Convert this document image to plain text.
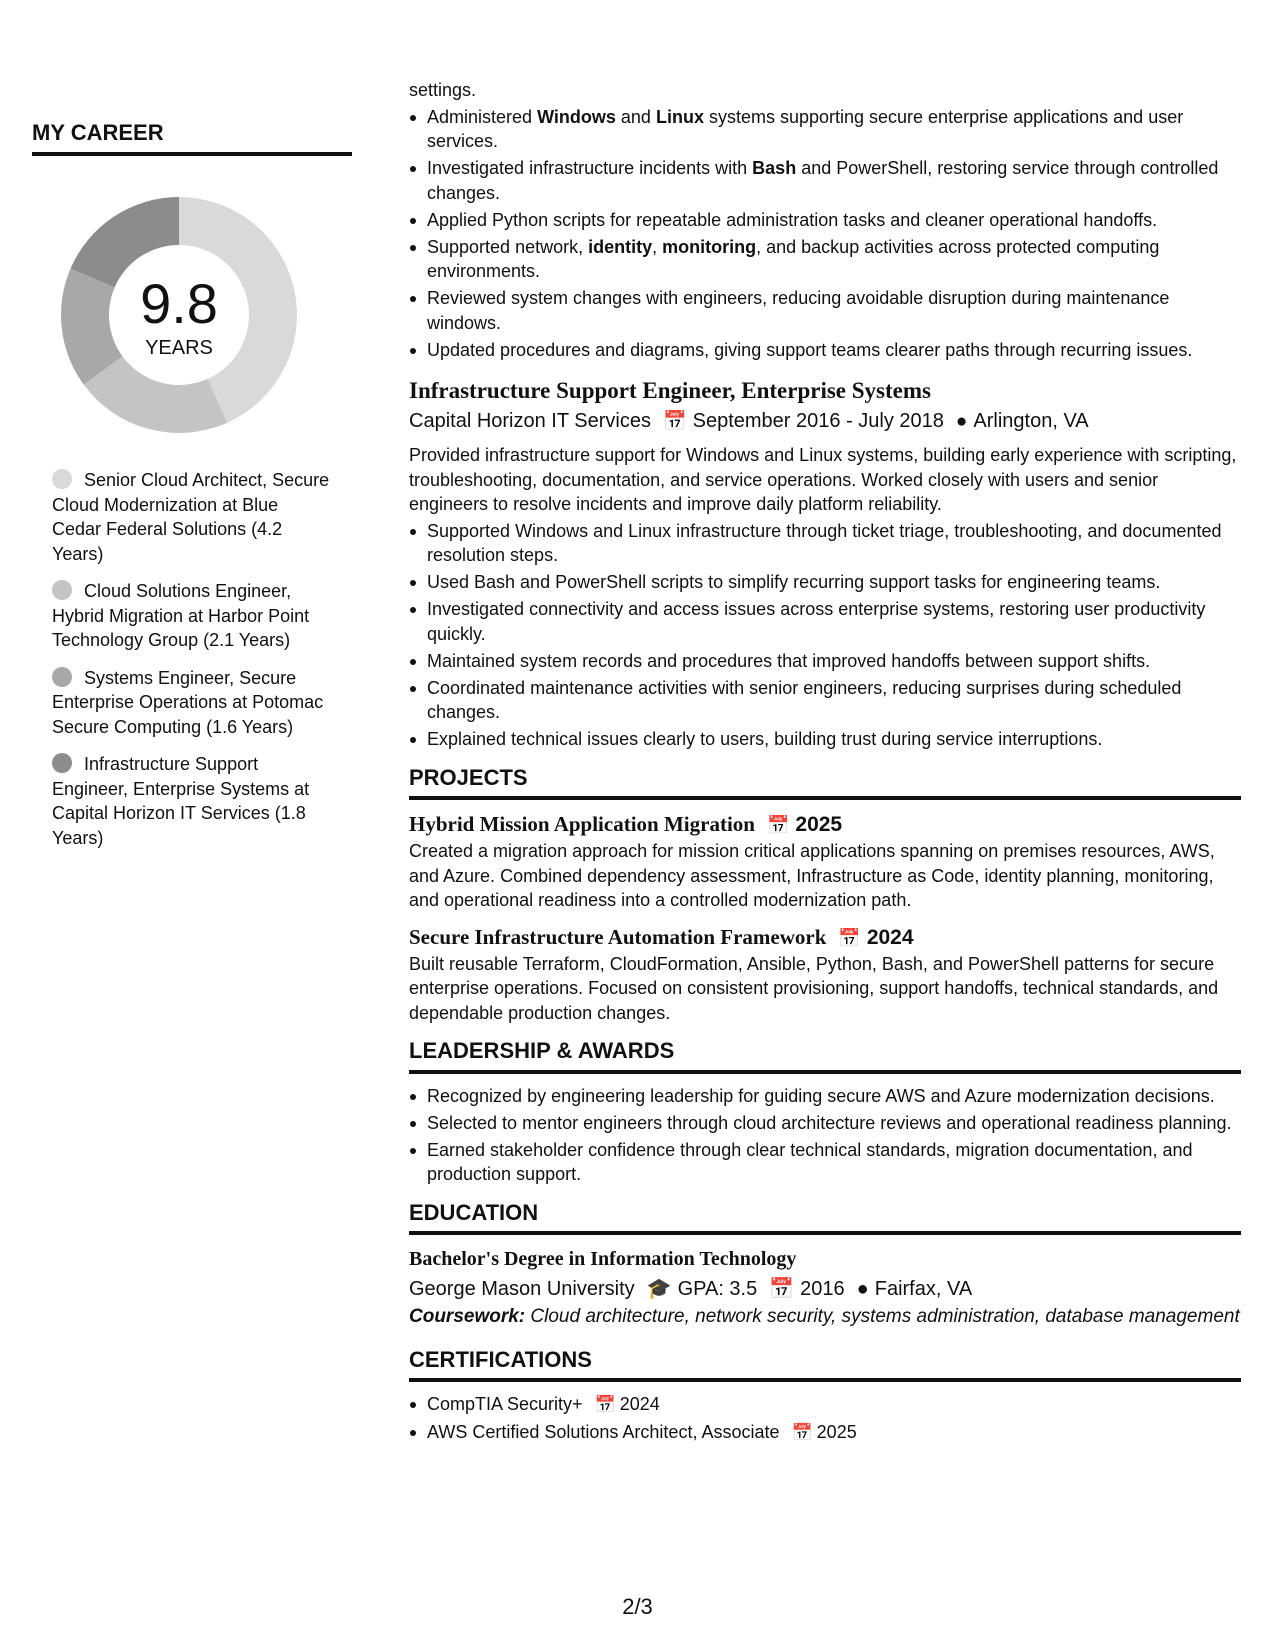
MY CAREER
9.8
YEARS
Senior Cloud Architect, Secure Cloud Modernization at Blue Cedar Federal Solutions (4.2 Years)
Cloud Solutions Engineer, Hybrid Migration at Harbor Point Technology Group (2.1 Years)
Systems Engineer, Secure Enterprise Operations at Potomac Secure Computing (1.6 Years)
Infrastructure Support Engineer, Enterprise Systems at Capital Horizon IT Services (1.8 Years)
settings.
Administered Windows and Linux systems supporting secure enterprise applications and user services.
Investigated infrastructure incidents with Bash and PowerShell, restoring service through controlled changes.
Applied Python scripts for repeatable administration tasks and cleaner operational handoffs.
Supported network, identity, monitoring, and backup activities across protected computing environments.
Reviewed system changes with engineers, reducing avoidable disruption during maintenance windows.
Updated procedures and diagrams, giving support teams clearer paths through recurring issues.
Infrastructure Support Engineer, Enterprise Systems
Capital Horizon IT Services 📅 September 2016 - July 2018 ● Arlington, VA
Provided infrastructure support for Windows and Linux systems, building early experience with scripting, troubleshooting, documentation, and service operations. Worked closely with users and senior engineers to resolve incidents and improve daily platform reliability.
Supported Windows and Linux infrastructure through ticket triage, troubleshooting, and documented resolution steps.
Used Bash and PowerShell scripts to simplify recurring support tasks for engineering teams.
Investigated connectivity and access issues across enterprise systems, restoring user productivity quickly.
Maintained system records and procedures that improved handoffs between support shifts.
Coordinated maintenance activities with senior engineers, reducing surprises during scheduled changes.
Explained technical issues clearly to users, building trust during service interruptions.
PROJECTS
Hybrid Mission Application Migration 📅 2025
Created a migration approach for mission critical applications spanning on premises resources, AWS, and Azure. Combined dependency assessment, Infrastructure as Code, identity planning, monitoring, and operational readiness into a controlled modernization path.
Secure Infrastructure Automation Framework 📅 2024
Built reusable Terraform, CloudFormation, Ansible, Python, Bash, and PowerShell patterns for secure enterprise operations. Focused on consistent provisioning, support handoffs, technical standards, and dependable production changes.
LEADERSHIP & AWARDS
Recognized by engineering leadership for guiding secure AWS and Azure modernization decisions.
Selected to mentor engineers through cloud architecture reviews and operational readiness planning.
Earned stakeholder confidence through clear technical standards, migration documentation, and production support.
EDUCATION
Bachelor's Degree in Information Technology
George Mason University 🎓 GPA: 3.5 📅 2016 ● Fairfax, VA
Coursework: Cloud architecture, network security, systems administration, database management
CERTIFICATIONS
CompTIA Security+ 📅 2024
AWS Certified Solutions Architect, Associate 📅 2025
2/3
